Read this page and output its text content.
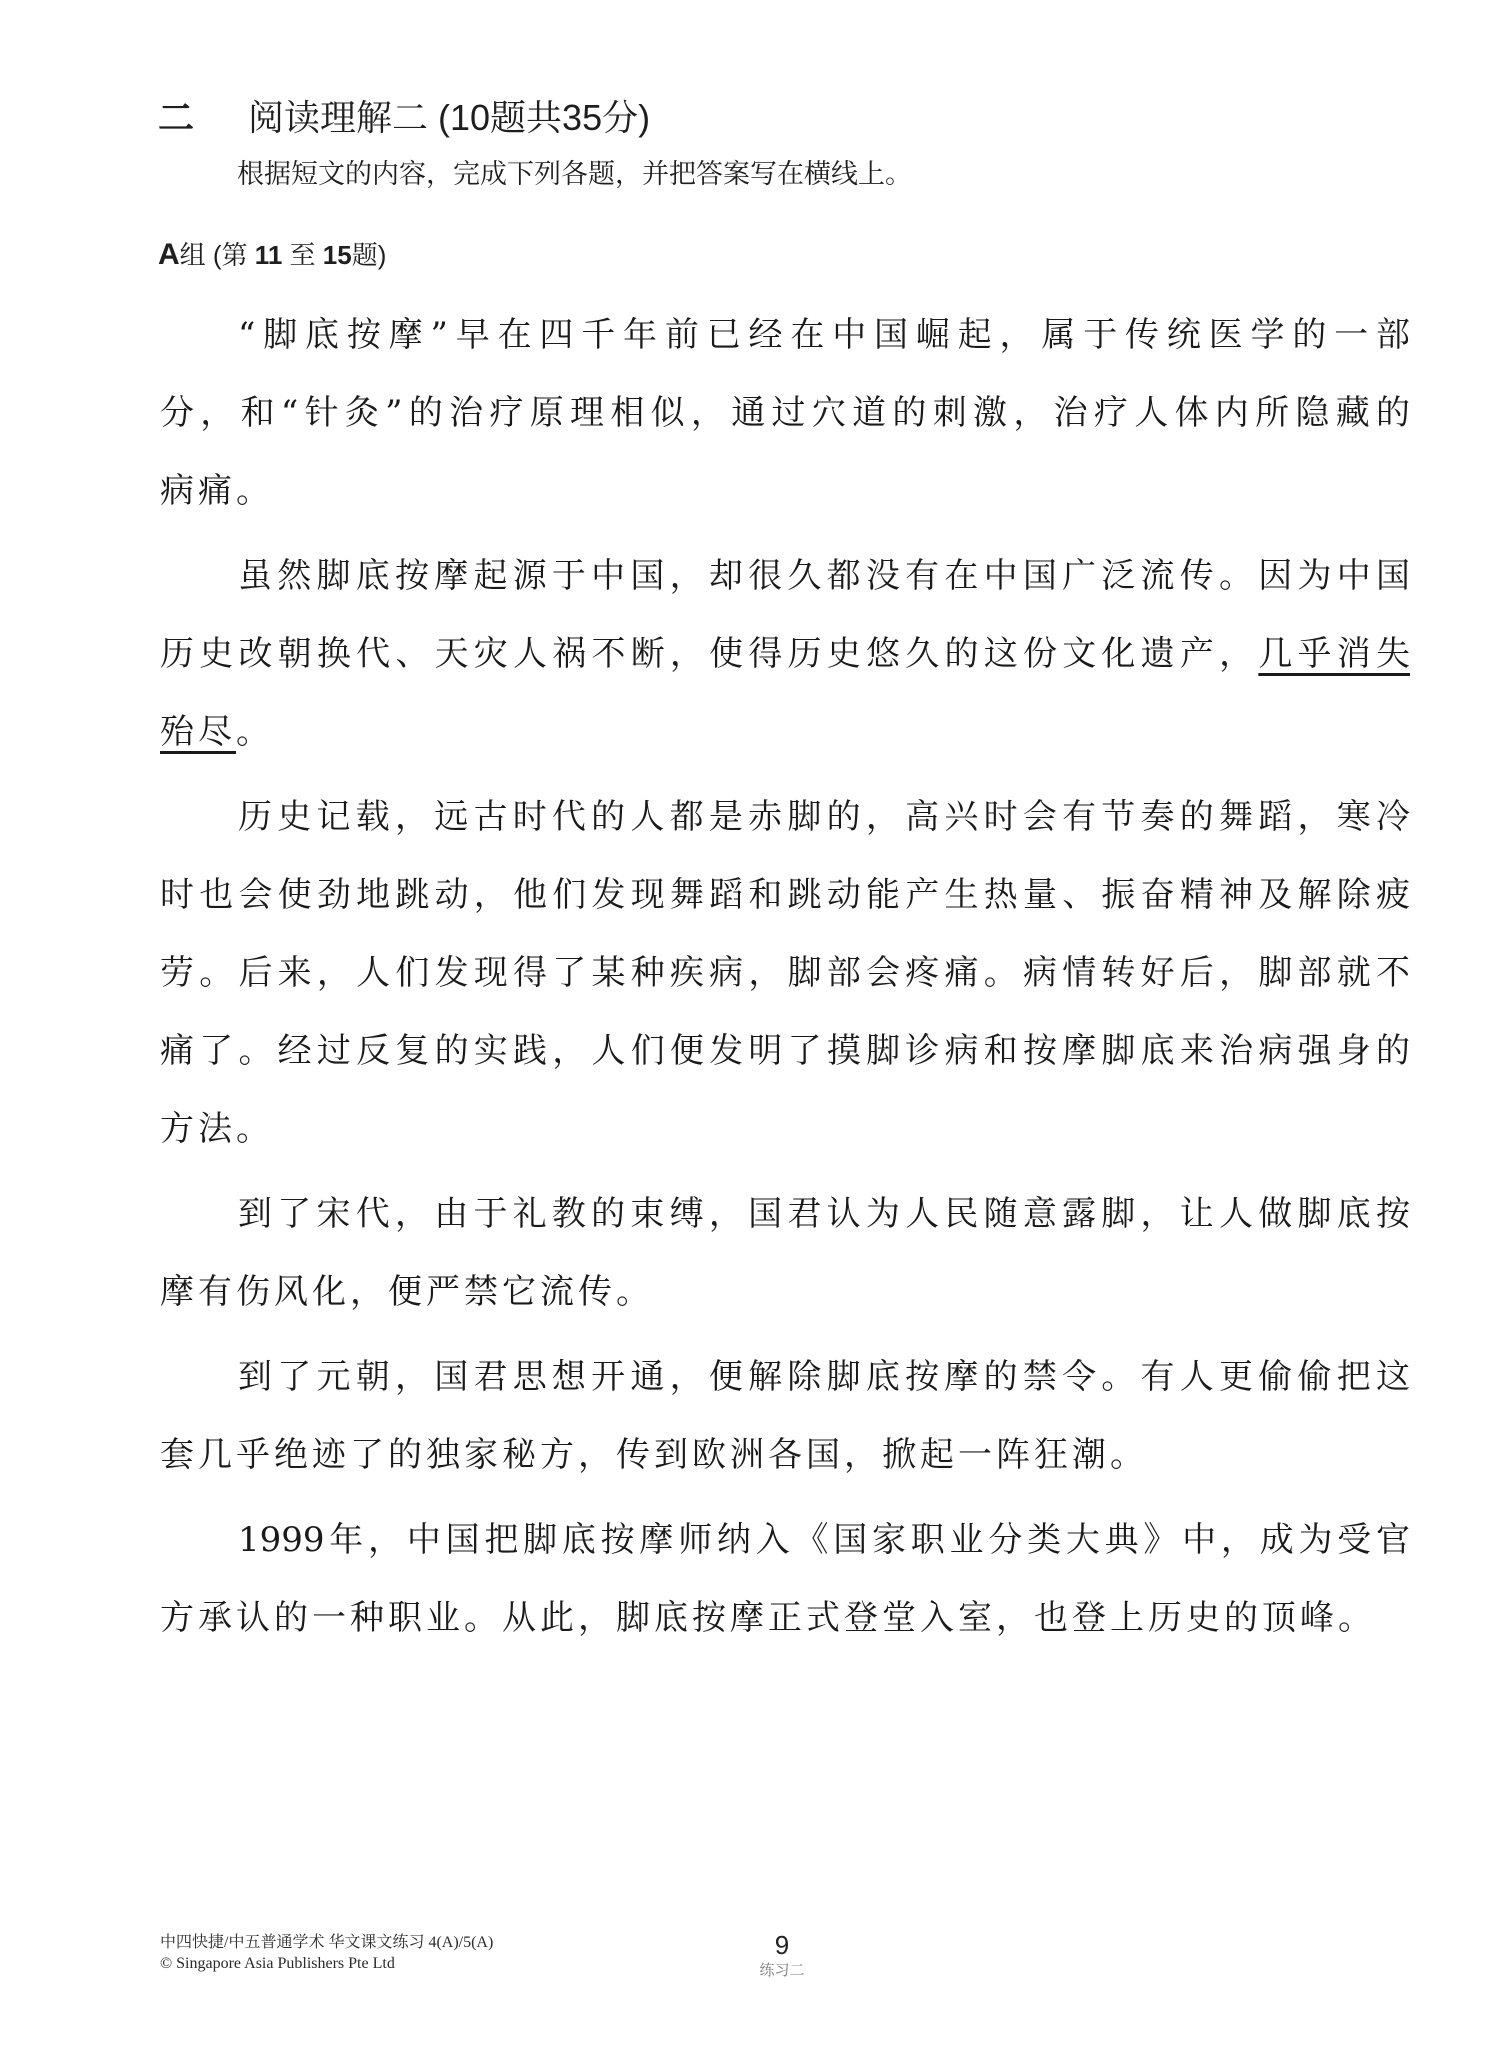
二 阅读理解二 (10题共35分)
根据短文的内容，完成下列各题，并把答案写在横线上。
A组 (第 11 至 15题)

“脚底按摩”早在四千年前已经在中国崛起，属于传统医学的一部
分，和“针灸”的治疗原理相似，通过穴道的刺激，治疗人体内所隐藏的
病痛。

虽然脚底按摩起源于中国，却很久都没有在中国广泛流传。因为中国
历史改朝换代、天灾人祸不断，使得历史悠久的这份文化遗产，几乎消失
殆尽。

历史记载，远古时代的人都是赤脚的，高兴时会有节奏的舞蹈，寒冷
时也会使劲地跳动，他们发现舞蹈和跳动能产生热量、振奋精神及解除疲
劳。后来，人们发现得了某种疾病，脚部会疼痛。病情转好后，脚部就不
痛了。经过反复的实践，人们便发明了摸脚诊病和按摩脚底来治病强身的
方法。

到了宋代，由于礼教的束缚，国君认为人民随意露脚，让人做脚底按
摩有伤风化，便严禁它流传。

到了元朝，国君思想开通，便解除脚底按摩的禁令。有人更偷偷把这
套几乎绝迹了的独家秘方，传到欧洲各国，掀起一阵狂潮。

1999年，中国把脚底按摩师纳入《国家职业分类大典》中，成为受官
方承认的一种职业。从此，脚底按摩正式登堂入室，也登上历史的顶峰。

中四快捷/中五普通学术 华文课文练习 4(A)/5(A)
© Singapore Asia Publishers Pte Ltd
9
练习二
